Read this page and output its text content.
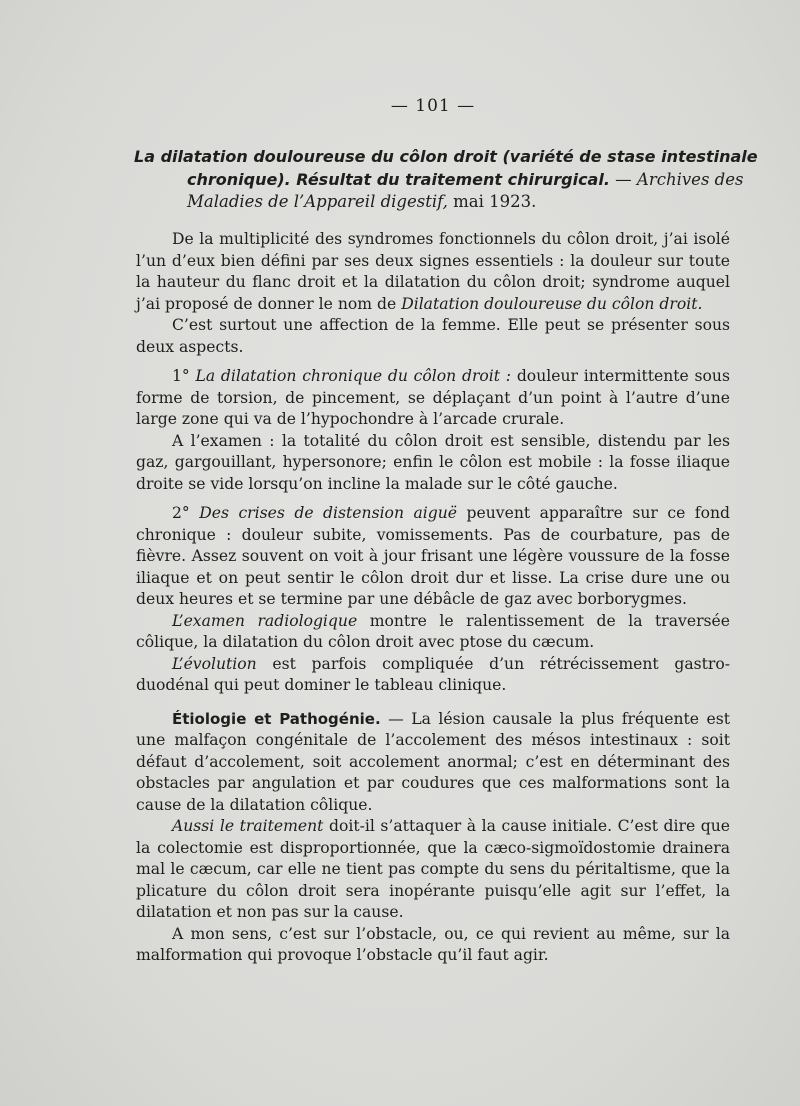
— 101 —
La dilatation douloureuse du côlon droit (variété de stase intestinale
chronique). Résultat du traitement chirurgical. — Archives des
Maladies de l’Appareil digestif, mai 1923.

De la multiplicité des syndromes fonctionnels du côlon droit, j’ai isolé l’un d’eux bien défini par ses deux signes essentiels : la douleur sur toute la hauteur du flanc droit et la dilatation du côlon droit; syndrome auquel j’ai proposé de donner le nom de Dilatation douloureuse du côlon droit.

C’est surtout une affection de la femme. Elle peut se présenter sous deux aspects.

1° La dilatation chronique du côlon droit : douleur intermittente sous forme de torsion, de pincement, se déplaçant d’un point à l’autre d’une large zone qui va de l’hypochondre à l’arcade crurale.

A l’examen : la totalité du côlon droit est sensible, distendu par les gaz, gargouillant, hypersonore; enfin le côlon est mobile : la fosse iliaque droite se vide lorsqu’on incline la malade sur le côté gauche.

2° Des crises de distension aiguë peuvent apparaître sur ce fond chronique : douleur subite, vomissements. Pas de courbature, pas de fièvre. Assez souvent on voit à jour frisant une légère voussure de la fosse iliaque et on peut sentir le côlon droit dur et lisse. La crise dure une ou deux heures et se termine par une débâcle de gaz avec borborygmes.

L’examen radiologique montre le ralentissement de la traversée côlique, la dilatation du côlon droit avec ptose du cæcum.

L’évolution est parfois compliquée d’un rétrécissement gastro-duodénal qui peut dominer le tableau clinique.

Étiologie et Pathogénie. — La lésion causale la plus fréquente est une malfaçon congénitale de l’accolement des mésos intestinaux : soit défaut d’accolement, soit accolement anormal; c’est en déterminant des obstacles par angulation et par coudures que ces malformations sont la cause de la dilatation côlique.

Aussi le traitement doit-il s’attaquer à la cause initiale. C’est dire que la colectomie est disproportionnée, que la cæco-sigmoïdostomie drainera mal le cæcum, car elle ne tient pas compte du sens du péritaltisme, que la plicature du côlon droit sera inopérante puisqu’elle agit sur l’effet, la dilatation et non pas sur la cause.

A mon sens, c’est sur l’obstacle, ou, ce qui revient au même, sur la malformation qui provoque l’obstacle qu’il faut agir.
